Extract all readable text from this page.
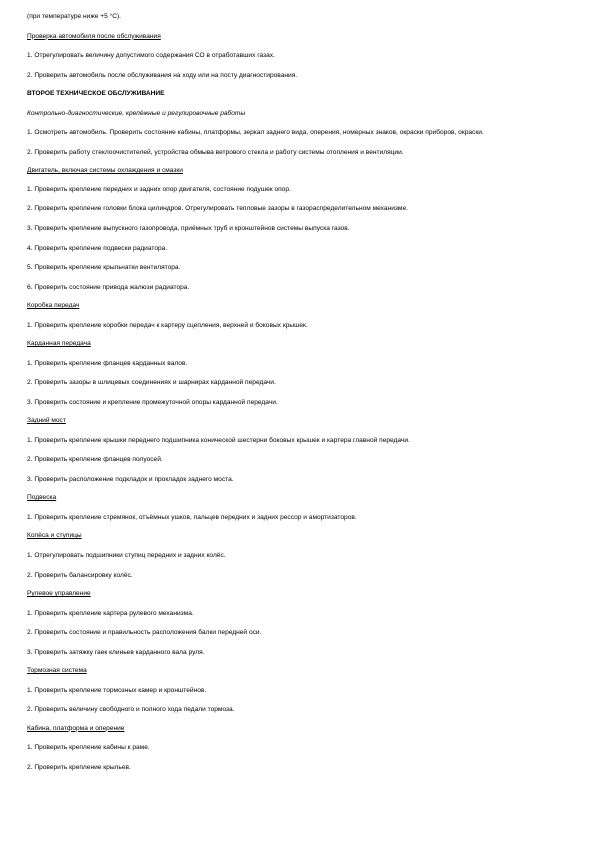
(при температуре ниже +5 °С).
Проверка автомобиля после обслуживания
1. Отрегулировать величину допустимого содержания СО в отработавших газах.
2. Проверить автомобиль после обслуживания на ходу или на посту диагностирования.
ВТОРОЕ ТЕХНИЧЕСКОЕ ОБСЛУЖИВАНИЕ
Контрольно-диагностические, крепёжные и регулировочные работы
1. Осмотреть автомобиль. Проверить состояние кабины, платформы, зеркал заднего вида, оперения, номерных знаков, окраски приборов, окраски.
2. Проверить работу стеклоочистителей, устройства обмыва ветрового стекла и работу системы отопления и вентиляции.
Двигатель, включая системы охлаждения и смазки
1. Проверить крепление передних и задних опор двигателя, состояние подушек опор.
2. Проверить крепление головки блока цилиндров. Отрегулировать тепловые зазоры в газораспределительном механизме.
3. Проверить крепление выпускного газопровода, приёмных труб и кронштейнов системы выпуска газов.
4. Проверить крепление подвески радиатора.
5. Проверить крепление крыльчатки вентилятора.
6. Проверить состояние привода жалюзи радиатора.
Коробка передач
1. Проверить крепление коробки передач к картеру сцепления, верхней и боковых крышек.
Карданная передача
1. Проверить крепление фланцев карданных валов.
2. Проверить зазоры в шлицевых соединениях и шарнирах карданной передачи.
3. Проверить состояние и крепление промежуточной опоры карданной передачи.
Задний мост
1. Проверить крепление крышки переднего подшипника конической шестерни боковых крышек и картера главной передачи.
2. Проверить крепление фланцев полуосей.
3. Проверить расположение подкладок и прокладок заднего моста.
Подвеска
1. Проверить крепление стремянок, отъёмных ушков, пальцев передних и задних рессор и амортизаторов.
Колёса и ступицы
1. Отрегулировать подшипники ступиц передних и задних колёс.
2. Проверить балансировку колёс.
Рулевое управление
1. Проверить крепление картера рулевого механизма.
2. Проверить состояние и правильность расположения балки передней оси.
3. Проверить затяжку гаек клиньев карданного вала руля.
Тормозная система
1. Проверить крепление тормозных камер и кронштейнов.
2. Проверить величину свободного и полного хода педали тормоза.
Кабина, платформа и оперение
1. Проверить крепление кабины к раме.
2. Проверить крепление крыльев.
